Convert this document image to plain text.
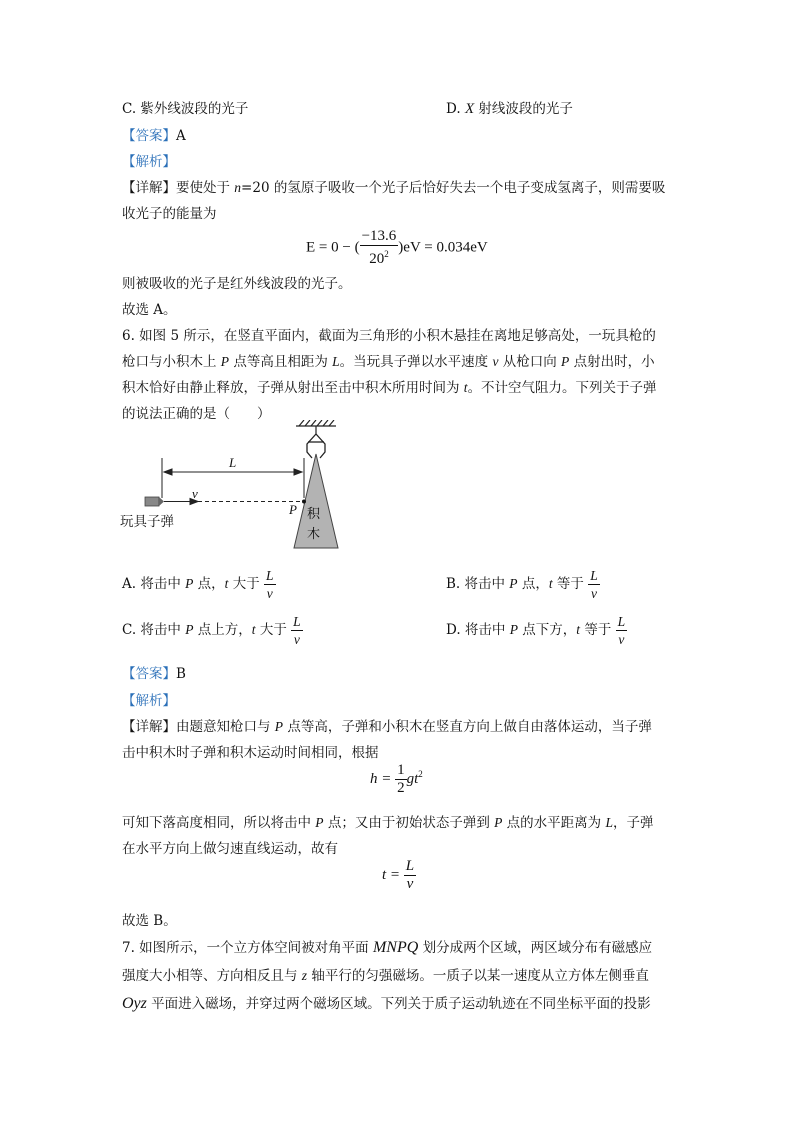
C. 紫外线波段的光子	D. X 射线波段的光子
【答案】A
【解析】
【详解】要使处于 n=20 的氢原子吸收一个光子后恰好失去一个电子变成氢离子，则需要吸
收光子的能量为
E = 0 − ( $\frac{-13.6}{20^2} )eV = 0.034eV$
则被吸收的光子是红外线波段的光子。
故选 A。
6. 如图 5 所示，在竖直平面内，截面为三角形的小积木悬挂在离地足够高处，一玩具枪的
枪口与小积木上 P 点等高且相距为 L。当玩具子弹以水平速度 v 从枪口向 P 点射出时，小
积木恰好由静止释放，子弹从射出至击中积木所用时间为 t。不计空气阻力。下列关于子弹
的说法正确的是（　　）
L
v
P 积
木
玩具子弹
A. 将击中 P 点，t 大于 $\frac{L}{v}$	B. 将击中 P 点，t 等于 $\frac{L}{v}$
C. 将击中 P 点上方，t 大于 $\frac{L}{v}$	D. 将击中 P 点下方，t 等于 $\frac{L}{v}$
【答案】B
【解析】
【详解】由题意知枪口与 P 点等高，子弹和小积木在竖直方向上做自由落体运动，当子弹
击中积木时子弹和积木运动时间相同，根据
$h = \frac{1}{2} gt^2$
可知下落高度相同，所以将击中 P 点；又由于初始状态子弹到 P 点的水平距离为 L，子弹
在水平方向上做匀速直线运动，故有
$t = \frac{L}{v}$
故选 B。
7. 如图所示，一个立方体空间被对角平面 MNPQ 划分成两个区域，两区域分布有磁感应
强度大小相等、方向相反且与 z 轴平行的匀强磁场。一质子以某一速度从立方体左侧垂直
Oyz 平面进入磁场，并穿过两个磁场区域。下列关于质子运动轨迹在不同坐标平面的投影
